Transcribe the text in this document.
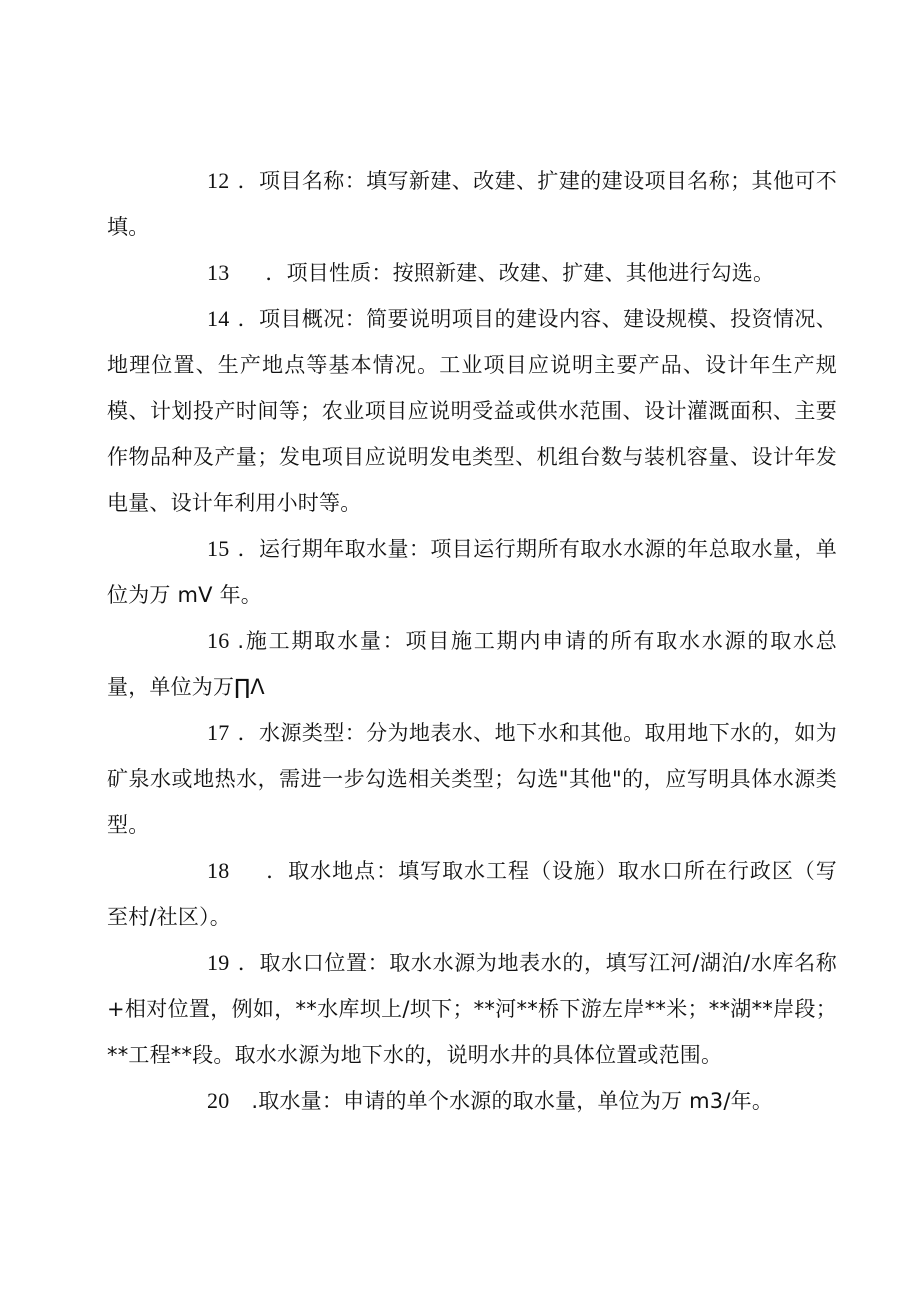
12 ．项目名称：填写新建、改建、扩建的建设项目名称；其他可不填。

13 ．项目性质：按照新建、改建、扩建、其他进行勾选。

14 ．项目概况：简要说明项目的建设内容、建设规模、投资情况、地理位置、生产地点等基本情况。工业项目应说明主要产品、设计年生产规模、计划投产时间等；农业项目应说明受益或供水范围、设计灌溉面积、主要作物品种及产量；发电项目应说明发电类型、机组台数与装机容量、设计年发电量、设计年利用小时等。

15 ．运行期年取水量：项目运行期所有取水水源的年总取水量，单位为万 mV 年。

16 .施工期取水量：项目施工期内申请的所有取水水源的取水总量，单位为万∏Λ

17 ．水源类型：分为地表水、地下水和其他。取用地下水的，如为矿泉水或地热水，需进一步勾选相关类型；勾选"其他"的，应写明具体水源类型。

18 ．取水地点：填写取水工程（设施）取水口所在行政区（写至村/社区）。

19 ．取水口位置：取水水源为地表水的，填写江河/湖泊/水库名称+相对位置，例如，**水库坝上/坝下；**河**桥下游左岸**米；**湖**岸段；**工程**段。取水水源为地下水的，说明水井的具体位置或范围。

20 .取水量：申请的单个水源的取水量，单位为万 m3/年。
